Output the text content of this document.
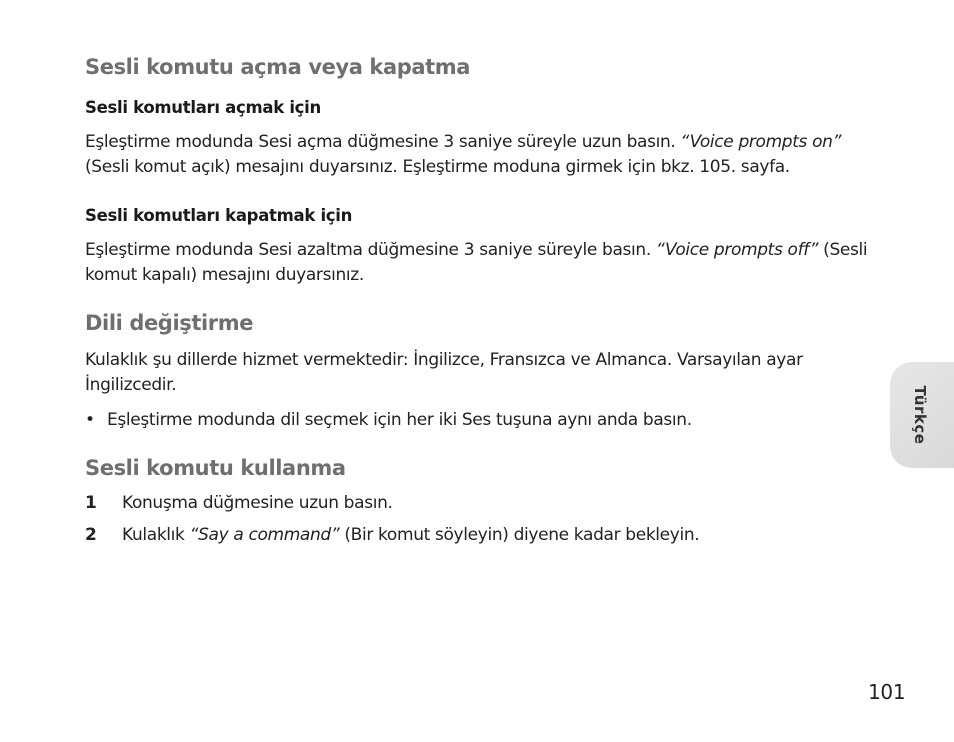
Sesli komutu açma veya kapatma
Sesli komutları açmak için

Eşleştirme modunda Sesi açma düğmesine 3 saniye süreyle uzun basın. “Voice prompts on” (Sesli komut açık) mesajını duyarsınız. Eşleştirme moduna girmek için bkz. 105. sayfa.

Sesli komutları kapatmak için

Eşleştirme modunda Sesi azaltma düğmesine 3 saniye süreyle basın. “Voice prompts off” (Sesli komut kapalı) mesajını duyarsınız.

Dili değiştirme

Kulaklık şu dillerde hizmet vermektedir: İngilizce, Fransızca ve Almanca. Varsayılan ayar İngilizcedir.

• Eşleştirme modunda dil seçmek için her iki Ses tuşuna aynı anda basın.
Sesli komutu kullanma
1	Konuşma düğmesine uzun basın.
2	Kulaklık “Say a command” (Bir komut söyleyin) diyene kadar bekleyin.
Türkçe
101
